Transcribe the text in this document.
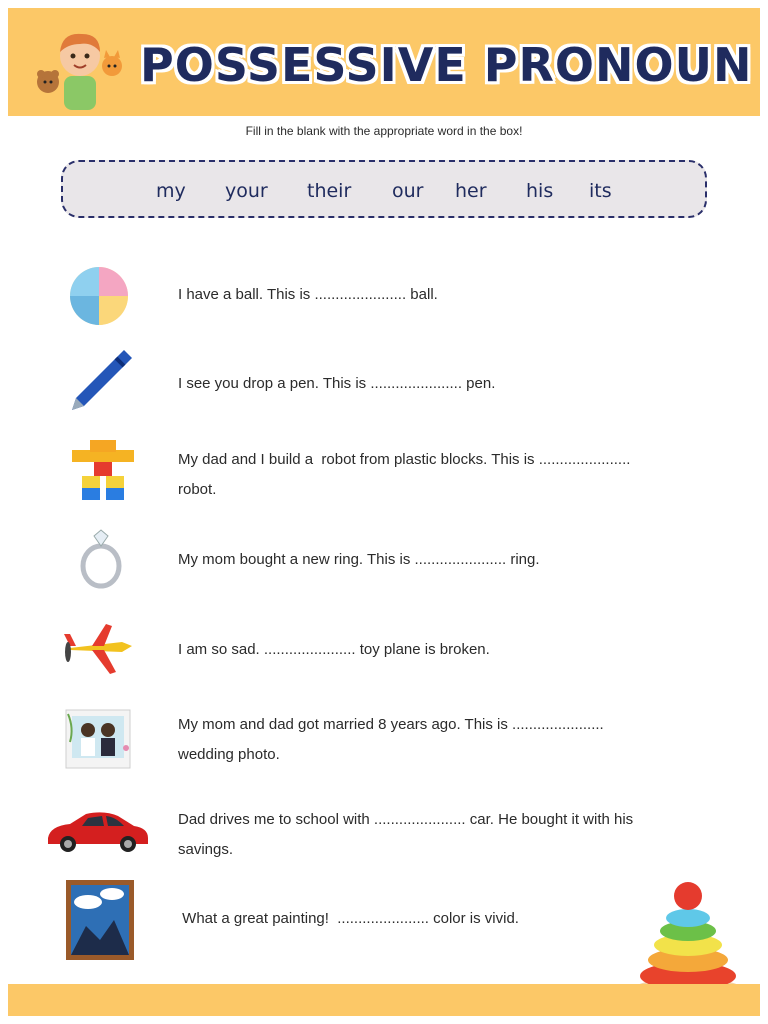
POSSESSIVE PRONOUN
Fill in the blank with the appropriate word in the box!
my your their our her his its
I have a ball. This is ...................... ball.
I see you drop a pen. This is ...................... pen.
My dad and I build a  robot from plastic blocks. This is ......................
robot.
My mom bought a new ring. This is ...................... ring.
I am so sad. ...................... toy plane is broken.
My mom and dad got married 8 years ago. This is ......................
wedding photo.
Dad drives me to school with ...................... car. He bought it with his
savings.
What a great painting!  ...................... color is vivid.
